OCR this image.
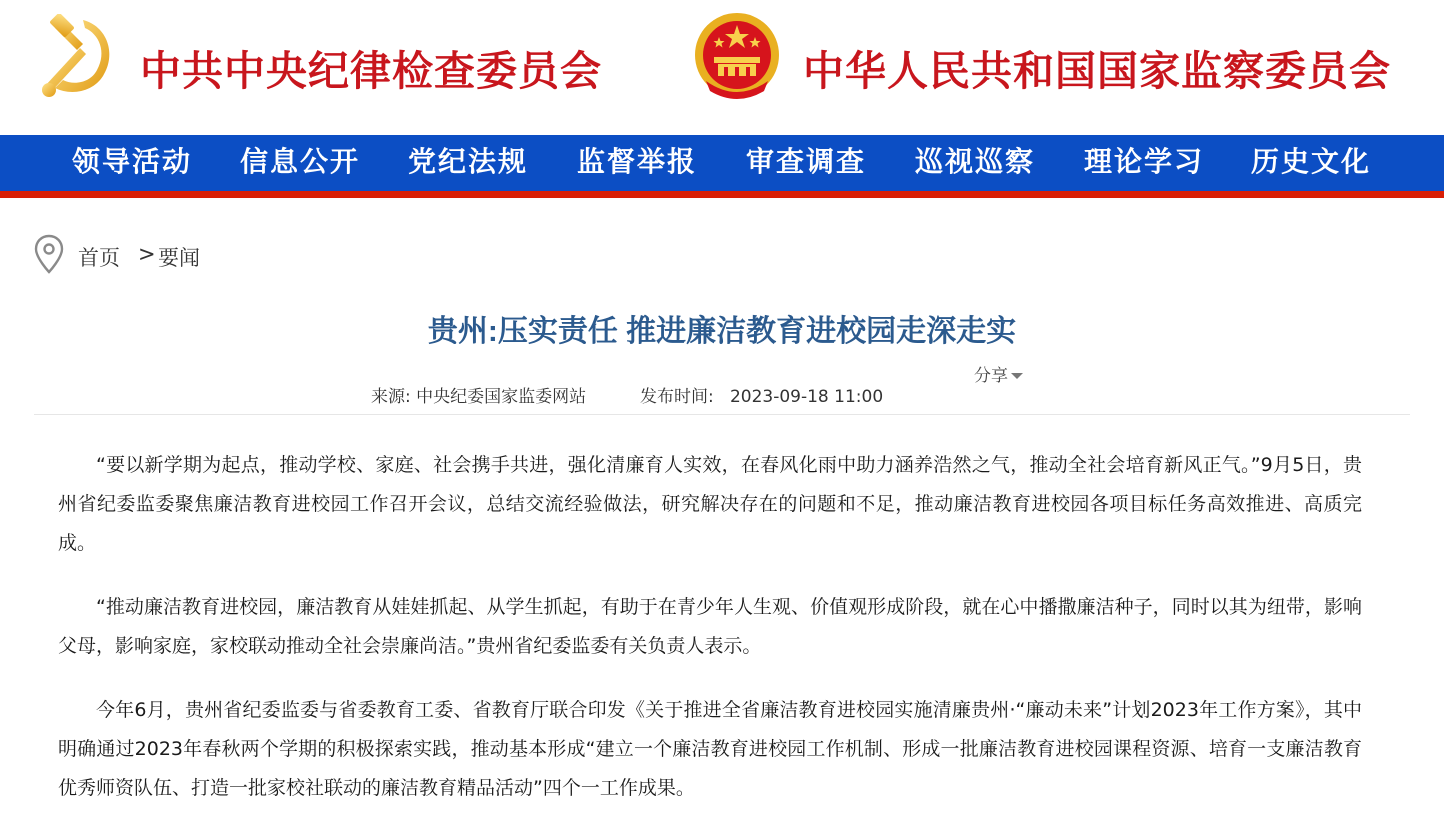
中共中央纪律检查委员会	中华人民共和国国家监察委员会
领导活动 信息公开 党纪法规 监督举报 审查调查 巡视巡察 理论学习 历史文化
首页 > 要闻
贵州:压实责任 推进廉洁教育进校园走深走实
分享
来源: 中央纪委国家监委网站	发布时间: 2023-09-18 11:00

“要以新学期为起点，推动学校、家庭、社会携手共进，强化清廉育人实效，在春风化雨中助力涵养浩然之气，推动全社会培育新风正气。”9月5日，贵州省纪委监委聚焦廉洁教育进校园工作召开会议，总结交流经验做法，研究解决存在的问题和不足，推动廉洁教育进校园各项目标任务高效推进、高质完成。

“推动廉洁教育进校园，廉洁教育从娃娃抓起、从学生抓起，有助于在青少年人生观、价值观形成阶段，就在心中播撒廉洁种子，同时以其为纽带，影响父母，影响家庭，家校联动推动全社会崇廉尚洁。”贵州省纪委监委有关负责人表示。

今年6月，贵州省纪委监委与省委教育工委、省教育厅联合印发《关于推进全省廉洁教育进校园实施清廉贵州·“廉动未来”计划2023年工作方案》，其中明确通过2023年春秋两个学期的积极探索实践，推动基本形成“建立一个廉洁教育进校园工作机制、形成一批廉洁教育进校园课程资源、培育一支廉洁教育优秀师资队伍、打造一批家校社联动的廉洁教育精品活动”四个一工作成果。
